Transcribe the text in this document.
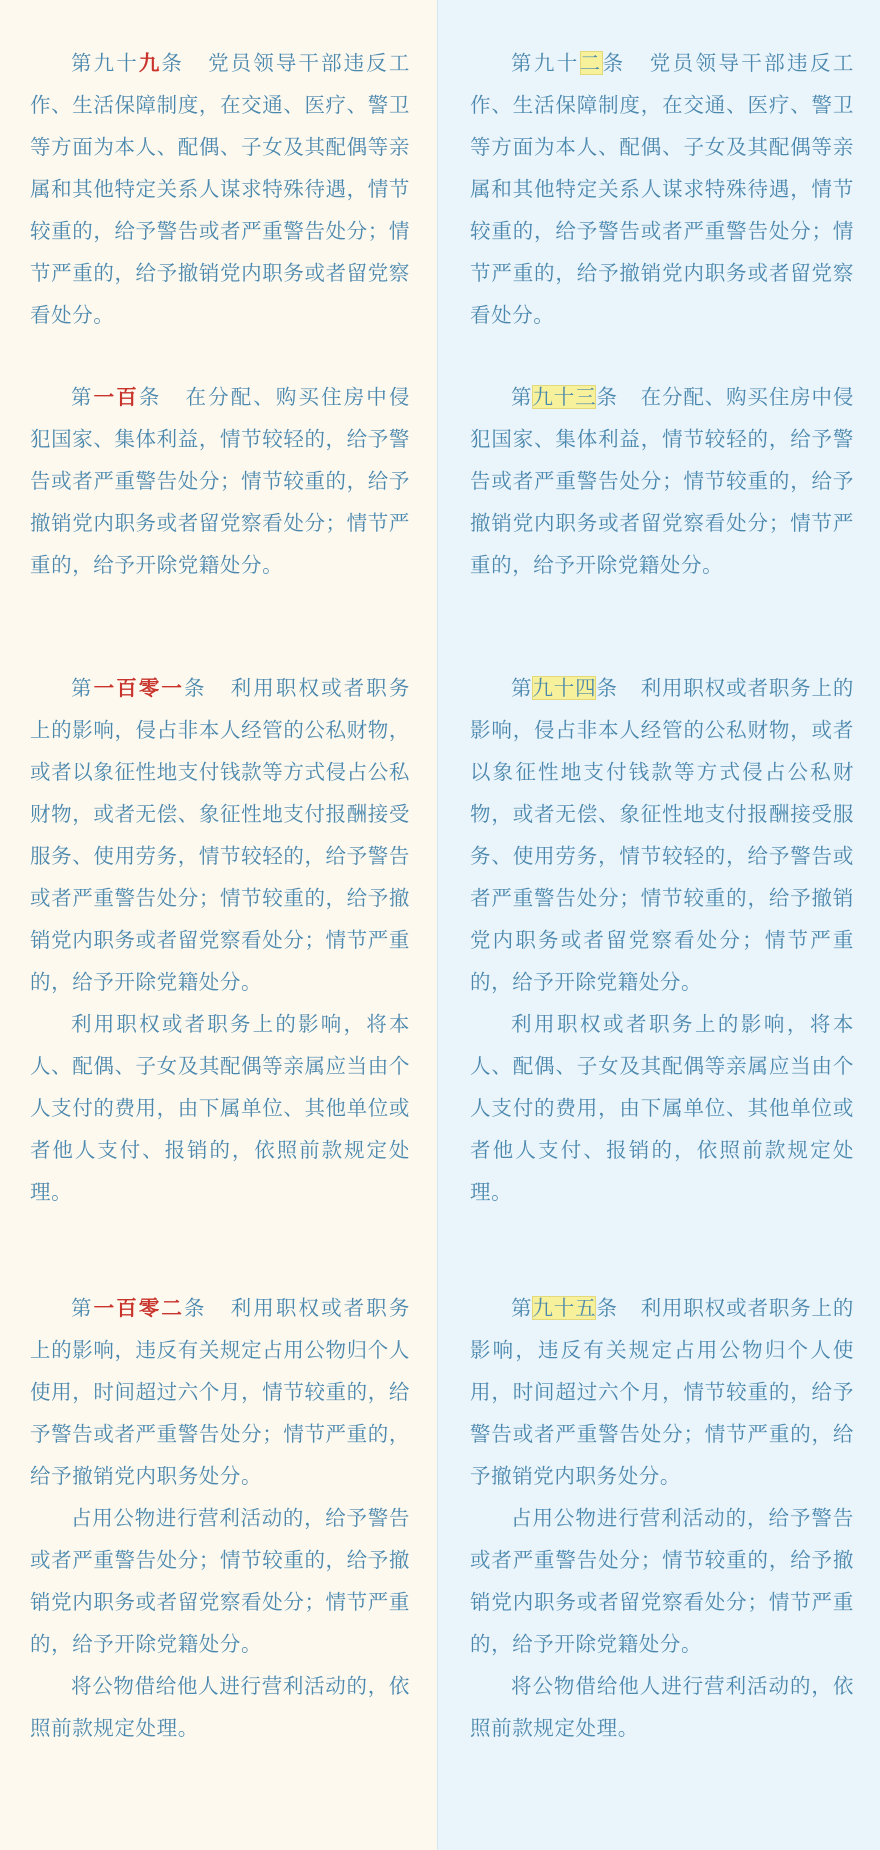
第九十九条 党员领导干部违反工作、生活保障制度，在交通、医疗、警卫等方面为本人、配偶、子女及其配偶等亲属和其他特定关系人谋求特殊待遇，情节较重的，给予警告或者严重警告处分；情节严重的，给予撤销党内职务或者留党察看处分。

第一百条 在分配、购买住房中侵犯国家、集体利益，情节较轻的，给予警告或者严重警告处分；情节较重的，给予撤销党内职务或者留党察看处分；情节严重的，给予开除党籍处分。

第一百零一条 利用职权或者职务上的影响，侵占非本人经管的公私财物，或者以象征性地支付钱款等方式侵占公私财物，或者无偿、象征性地支付报酬接受服务、使用劳务，情节较轻的，给予警告或者严重警告处分；情节较重的，给予撤销党内职务或者留党察看处分；情节严重的，给予开除党籍处分。

利用职权或者职务上的影响，将本人、配偶、子女及其配偶等亲属应当由个人支付的费用，由下属单位、其他单位或者他人支付、报销的，依照前款规定处理。

第一百零二条 利用职权或者职务上的影响，违反有关规定占用公物归个人使用，时间超过六个月，情节较重的，给予警告或者严重警告处分；情节严重的，给予撤销党内职务处分。

占用公物进行营利活动的，给予警告或者严重警告处分；情节较重的，给予撤销党内职务或者留党察看处分；情节严重的，给予开除党籍处分。

将公物借给他人进行营利活动的，依照前款规定处理。

第九十二条 党员领导干部违反工作、生活保障制度，在交通、医疗、警卫等方面为本人、配偶、子女及其配偶等亲属和其他特定关系人谋求特殊待遇，情节较重的，给予警告或者严重警告处分；情节严重的，给予撤销党内职务或者留党察看处分。

第九十三条 在分配、购买住房中侵犯国家、集体利益，情节较轻的，给予警告或者严重警告处分；情节较重的，给予撤销党内职务或者留党察看处分；情节严重的，给予开除党籍处分。

第九十四条 利用职权或者职务上的影响，侵占非本人经管的公私财物，或者以象征性地支付钱款等方式侵占公私财物，或者无偿、象征性地支付报酬接受服务、使用劳务，情节较轻的，给予警告或者严重警告处分；情节较重的，给予撤销党内职务或者留党察看处分；情节严重的，给予开除党籍处分。

利用职权或者职务上的影响，将本人、配偶、子女及其配偶等亲属应当由个人支付的费用，由下属单位、其他单位或者他人支付、报销的，依照前款规定处理。

第九十五条 利用职权或者职务上的影响，违反有关规定占用公物归个人使用，时间超过六个月，情节较重的，给予警告或者严重警告处分；情节严重的，给予撤销党内职务处分。

占用公物进行营利活动的，给予警告或者严重警告处分；情节较重的，给予撤销党内职务或者留党察看处分；情节严重的，给予开除党籍处分。

将公物借给他人进行营利活动的，依照前款规定处理。
